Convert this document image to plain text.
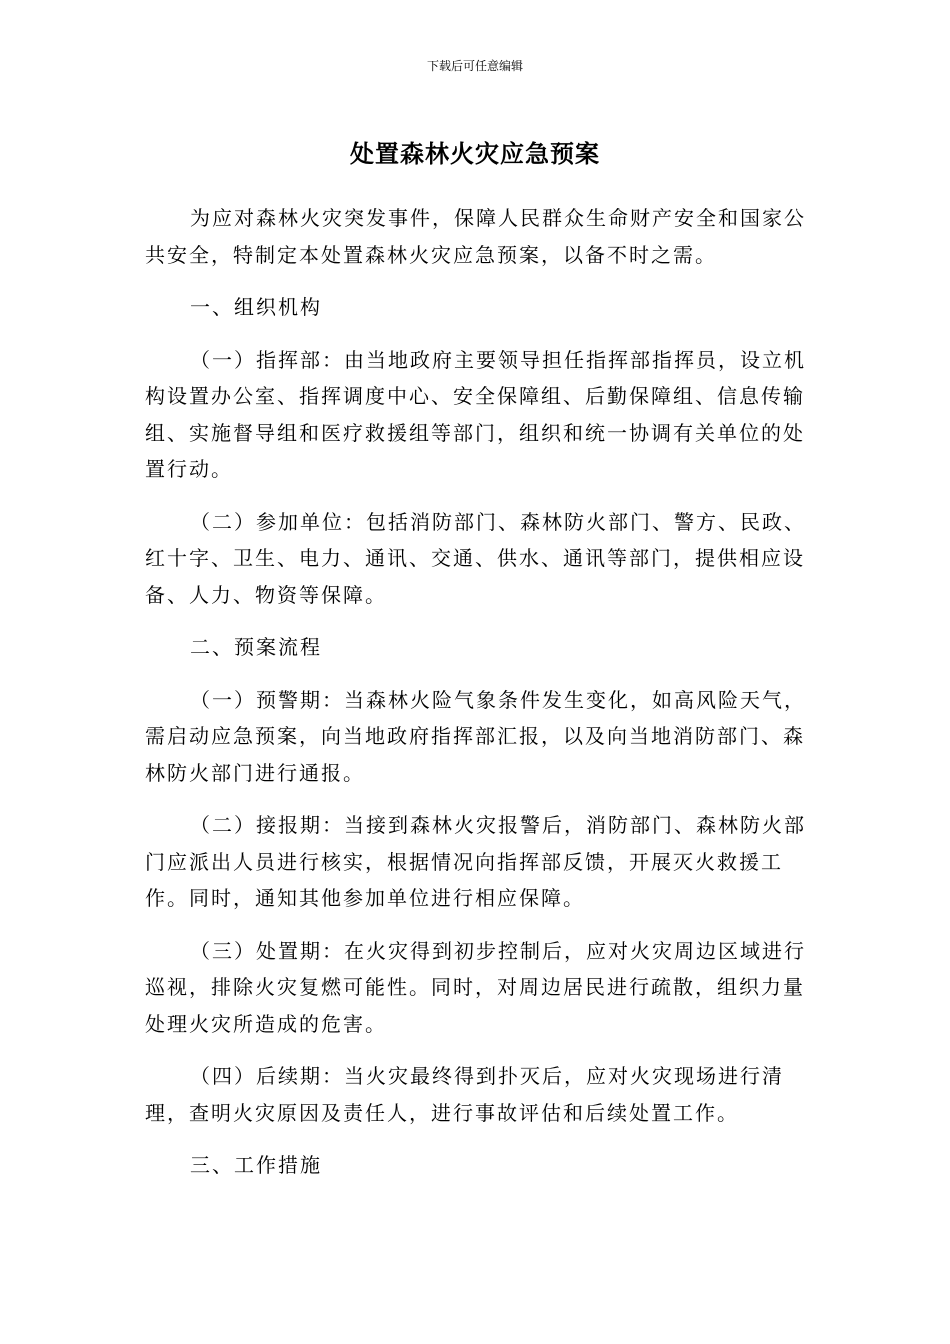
下载后可任意编辑
处置森林火灾应急预案

为应对森林火灾突发事件，保障人民群众生命财产安全和国家公共安全，特制定本处置森林火灾应急预案，以备不时之需。

一、组织机构

（一）指挥部：由当地政府主要领导担任指挥部指挥员，设立机构设置办公室、指挥调度中心、安全保障组、后勤保障组、信息传输组、实施督导组和医疗救援组等部门，组织和统一协调有关单位的处置行动。

（二）参加单位：包括消防部门、森林防火部门、警方、民政、红十字、卫生、电力、通讯、交通、供水、通讯等部门，提供相应设备、人力、物资等保障。

二、预案流程

（一）预警期：当森林火险气象条件发生变化，如高风险天气，需启动应急预案，向当地政府指挥部汇报，以及向当地消防部门、森林防火部门进行通报。

（二）接报期：当接到森林火灾报警后，消防部门、森林防火部门应派出人员进行核实，根据情况向指挥部反馈，开展灭火救援工作。同时，通知其他参加单位进行相应保障。

（三）处置期：在火灾得到初步控制后，应对火灾周边区域进行巡视，排除火灾复燃可能性。同时，对周边居民进行疏散，组织力量处理火灾所造成的危害。

（四）后续期：当火灾最终得到扑灭后，应对火灾现场进行清理，查明火灾原因及责任人，进行事故评估和后续处置工作。

三、工作措施
